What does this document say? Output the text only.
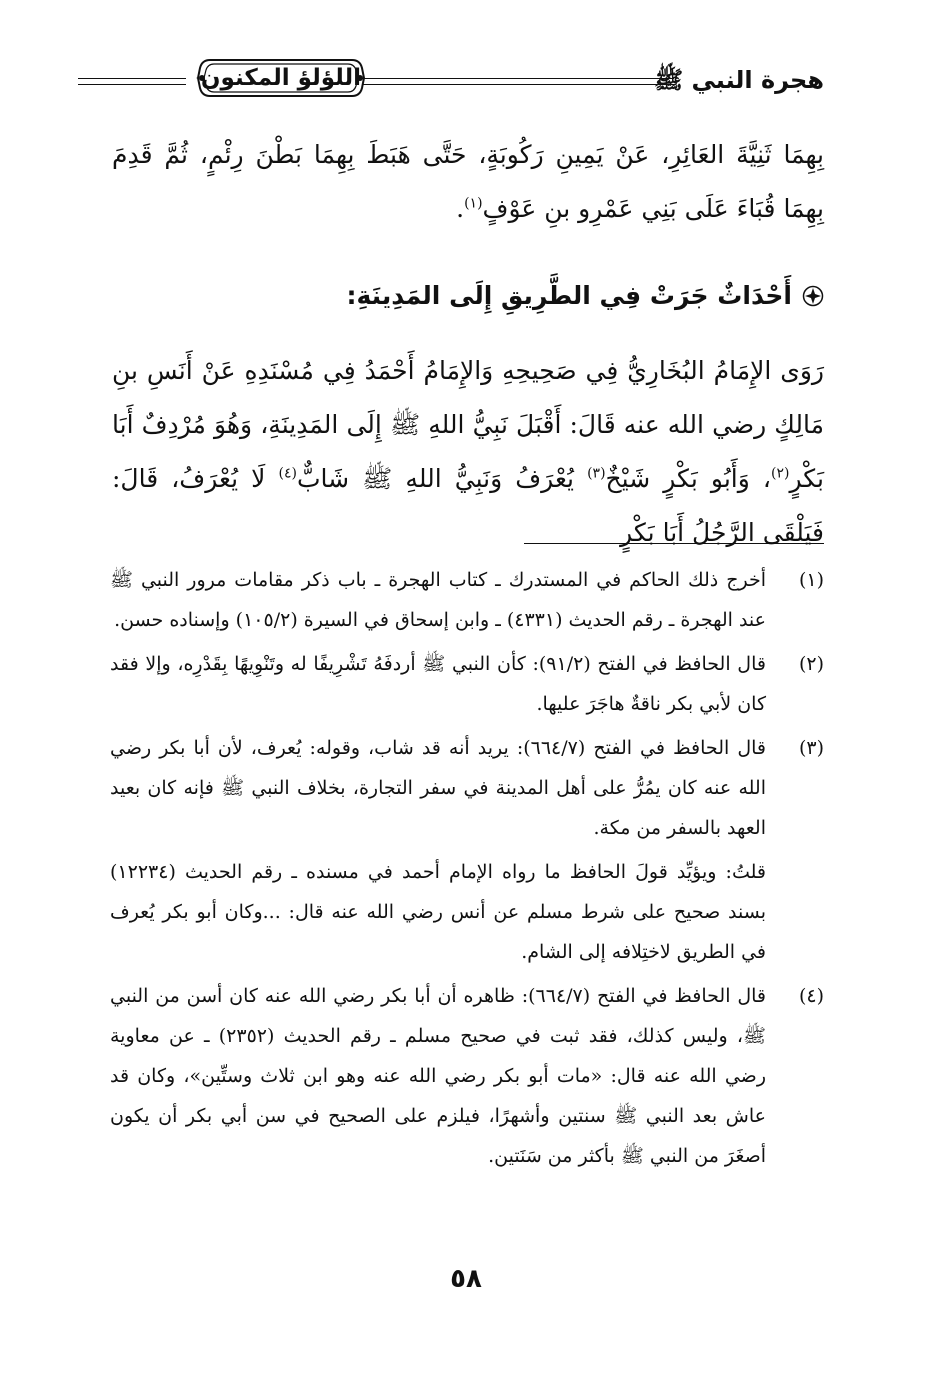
هجرة النبي ﷺ
اللؤلؤ المكنون
بِهِمَا ثَنِيَّةَ العَائِرِ، عَنْ يَمِينِ رَكُوبَةٍ، حَتَّى هَبَطَ بِهِمَا بَطْنَ رِئْمٍ، ثُمَّ قَدِمَ بِهِمَا قُبَاءَ عَلَى بَنِي عَمْرِو بنِ عَوْفٍ$^{(١)}$.
أَحْدَاثٌ جَرَتْ فِي الطَّرِيقِ إِلَى المَدِينَةِ:
رَوَى الإِمَامُ البُخَارِيُّ فِي صَحِيحِهِ وَالإِمَامُ أَحْمَدُ فِي مُسْنَدِهِ عَنْ أَنَسِ بنِ مَالِكٍ رضي الله عنه قَالَ: أَقْبَلَ نَبِيُّ اللهِ ﷺ إِلَى المَدِينَةِ، وَهُوَ مُرْدِفٌ أَبَا بَكْرٍ$^{(٢)}$، وَأَبُو بَكْرٍ شَيْخٌ$^{(٣)}$ يُعْرَفُ وَنَبِيُّ اللهِ ﷺ شَابٌّ$^{(٤)}$ لَا يُعْرَفُ، قَالَ: فَيَلْقَى الرَّجُلُ أَبَا بَكْرٍ
(١)
أخرج ذلك الحاكم في المستدرك ـ كتاب الهجرة ـ باب ذكر مقامات مرور النبي ﷺ عند الهجرة ـ رقم الحديث (٤٣٣١) ـ وابن إسحاق في السيرة (١٠٥/٢) وإسناده حسن.
(٢)
قال الحافظ في الفتح (٩١/٢): كأن النبي ﷺ أردفَهُ تَشْرِيفًا له وتَنْوِيهًا بِقَدْرِه، وإلا فقد كان لأبي بكر ناقةٌ هاجَرَ عليها.
(٣)
قال الحافظ في الفتح (٦٦٤/٧): يريد أنه قد شاب، وقوله: يُعرف، لأن أبا بكر رضي الله عنه كان يمُرُّ على أهل المدينة في سفر التجارة، بخلاف النبي ﷺ فإنه كان بعيد العهد بالسفر من مكة.
قلتُ: ويؤيِّد قولَ الحافظ ما رواه الإمام أحمد في مسنده ـ رقم الحديث (١٢٢٣٤) بسند صحيح على شرط مسلم عن أنس رضي الله عنه قال: ...وكان أبو بكر يُعرف في الطريق لاختِلافه إلى الشام.
(٤)
قال الحافظ في الفتح (٦٦٤/٧): ظاهره أن أبا بكر رضي الله عنه كان أسن من النبي ﷺ، وليس كذلك، فقد ثبت في صحيح مسلم ـ رقم الحديث (٢٣٥٢) ـ عن معاوية رضي الله عنه قال: «مات أبو بكر رضي الله عنه وهو ابن ثلاث وستِّين»، وكان قد عاش بعد النبي ﷺ سنتين وأشهرًا، فيلزم على الصحيح في سن أبي بكر أن يكون أصغَرَ من النبي ﷺ بأكثر من سَنَتين.
٥٨
